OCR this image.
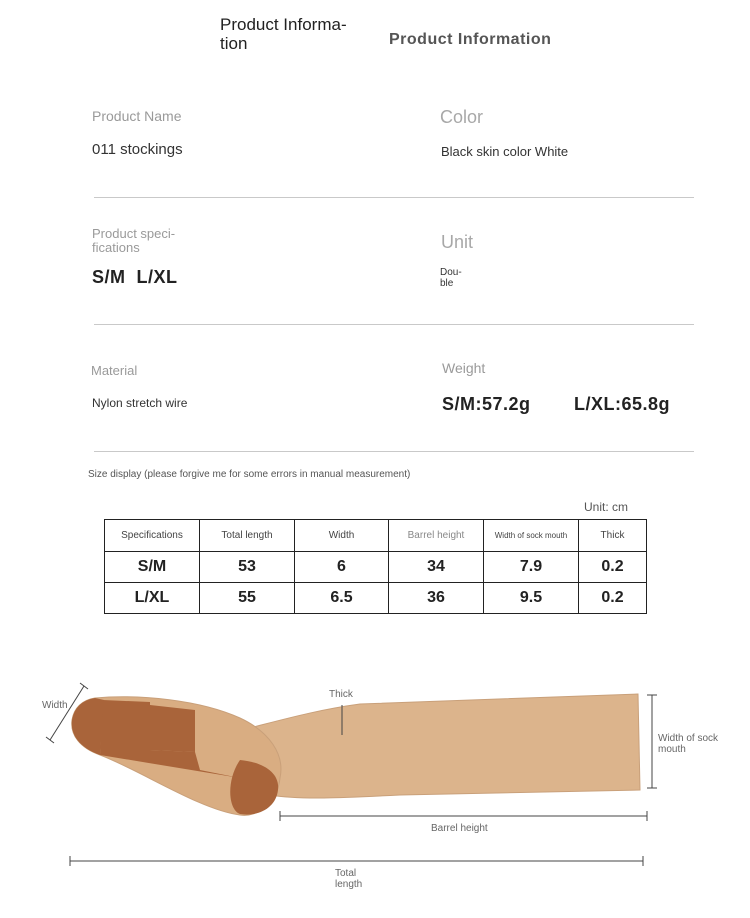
Product Informa-tion	Product Information
Product Name
011 stockings
Color
Black skin color White
Product speci-fications
S/M  L/XL
Unit
Dou-ble
Material
Nylon stretch wire
Weight
S/M:57.2g L/XL:65.8g
Size display (please forgive me for some errors in manual measurement)
Unit: cm
Specifications	Total length	Width	Barrel height	Width of sock mouth	Thick
S/M	53	6	34	7.9	0.2
L/XL	55	6.5	36	9.5	0.2
Width
Thick
Width of sock mouth
Barrel height
Total length
